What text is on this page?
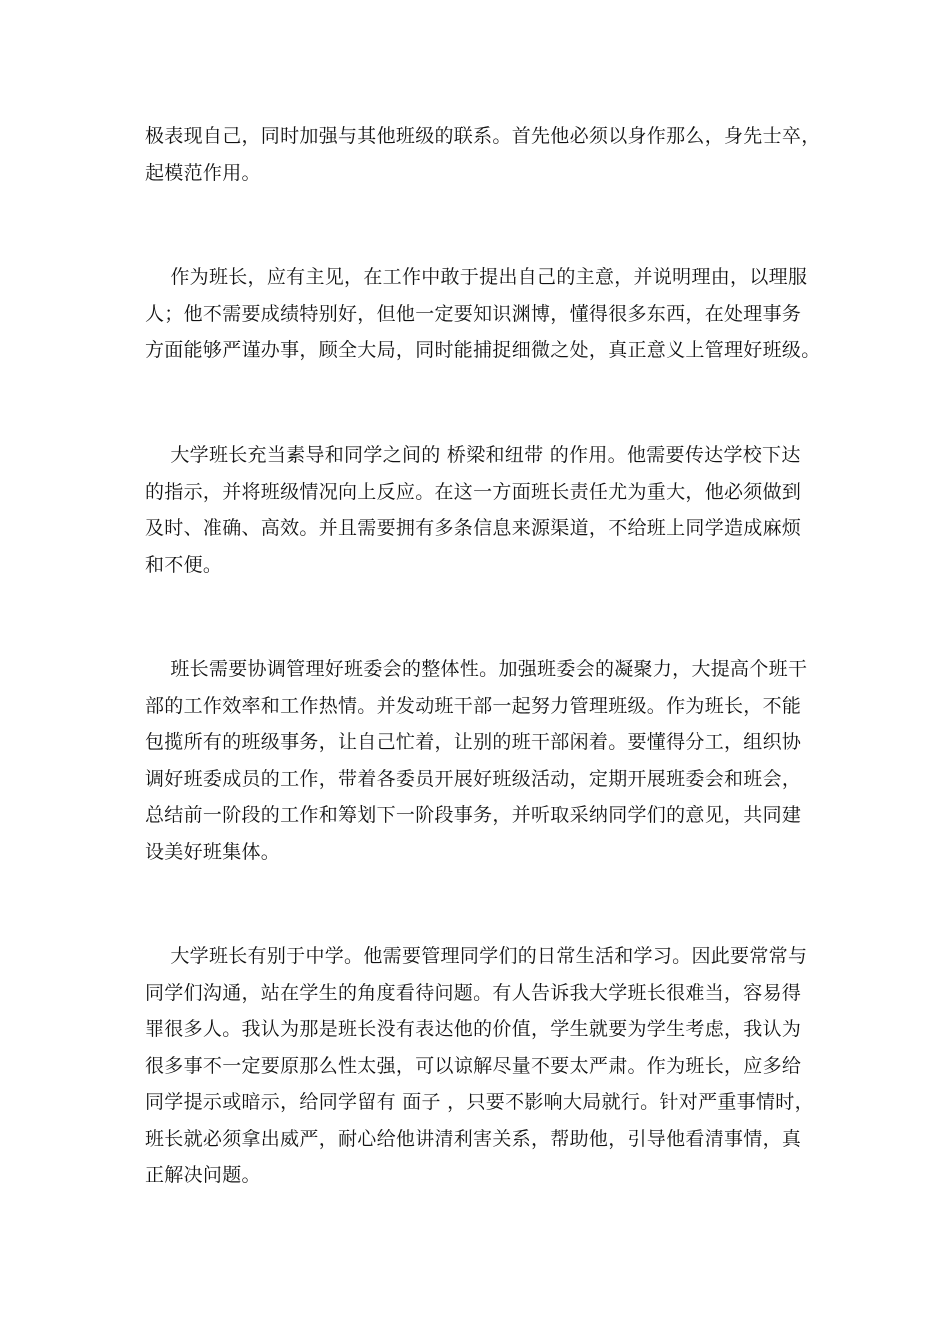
极表现自己，同时加强与其他班级的联系。首先他必须以身作那么，身先士卒，
起模范作用。
作为班长，应有主见，在工作中敢于提出自己的主意，并说明理由，以理服
人；他不需要成绩特别好，但他一定要知识渊博，懂得很多东西，在处理事务
方面能够严谨办事，顾全大局，同时能捕捉细微之处，真正意义上管理好班级。
大学班长充当素导和同学之间的 桥梁和纽带 的作用。他需要传达学校下达
的指示，并将班级情况向上反应。在这一方面班长责任尤为重大，他必须做到
及时、准确、高效。并且需要拥有多条信息来源渠道，不给班上同学造成麻烦
和不便。
班长需要协调管理好班委会的整体性。加强班委会的凝聚力，大提高个班干
部的工作效率和工作热情。并发动班干部一起努力管理班级。作为班长，不能
包揽所有的班级事务，让自己忙着，让别的班干部闲着。要懂得分工，组织协
调好班委成员的工作，带着各委员开展好班级活动，定期开展班委会和班会，
总结前一阶段的工作和筹划下一阶段事务，并听取采纳同学们的意见，共同建
设美好班集体。
大学班长有别于中学。他需要管理同学们的日常生活和学习。因此要常常与
同学们沟通，站在学生的角度看待问题。有人告诉我大学班长很难当，容易得
罪很多人。我认为那是班长没有表达他的价值，学生就要为学生考虑，我认为
很多事不一定要原那么性太强，可以谅解尽量不要太严肃。作为班长，应多给
同学提示或暗示，给同学留有 面子 ，只要不影响大局就行。针对严重事情时，
班长就必须拿出威严，耐心给他讲清利害关系，帮助他，引导他看清事情，真
正解决问题。
